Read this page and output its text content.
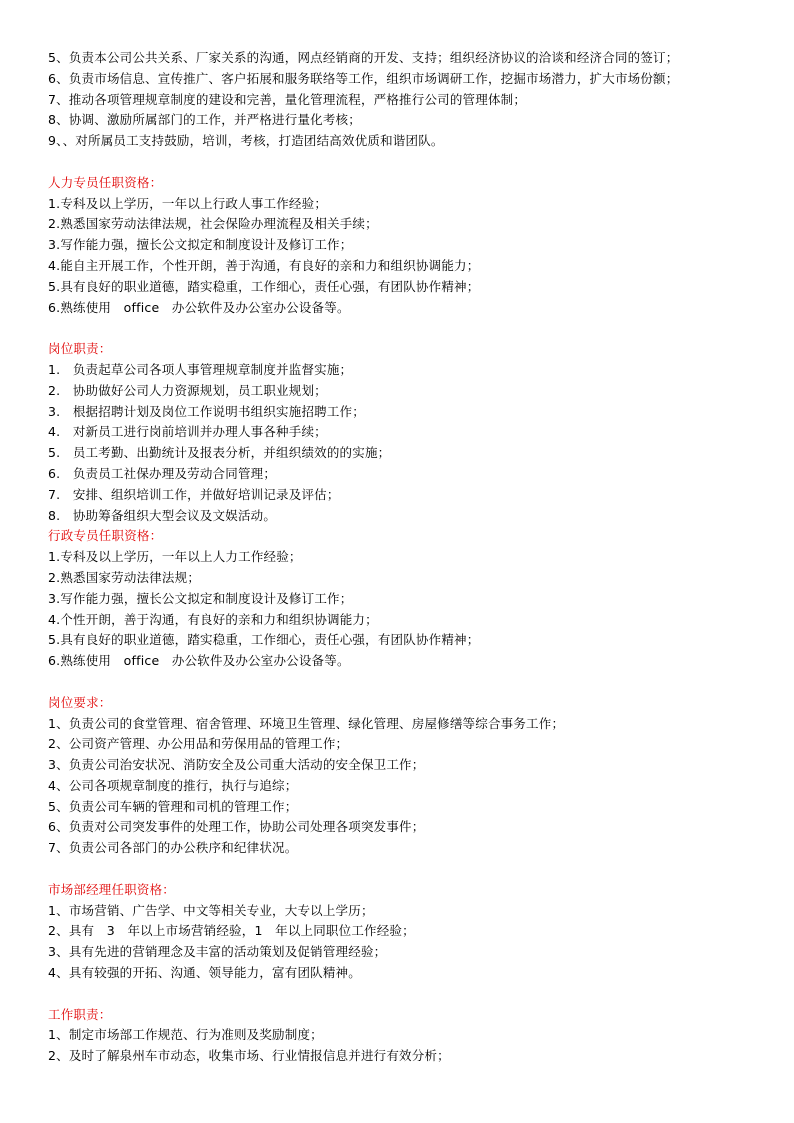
5、负责本公司公共关系、厂家关系的沟通，网点经销商的开发、支持；组织经济协议的洽谈和经济合同的签订；
6、负责市场信息、宣传推广、客户拓展和服务联络等工作，组织市场调研工作，挖掘市场潜力，扩大市场份额；
7、推动各项管理规章制度的建设和完善，量化管理流程，严格推行公司的管理体制；
8、协调、激励所属部门的工作，并严格进行量化考核；
9、、对所属员工支持鼓励，培训，考核，打造团结高效优质和谐团队。
人力专员任职资格：
1.专科及以上学历，一年以上行政人事工作经验；
2.熟悉国家劳动法律法规，社会保险办理流程及相关手续；
3.写作能力强，擅长公文拟定和制度设计及修订工作；
4.能自主开展工作，个性开朗，善于沟通，有良好的亲和力和组织协调能力；
5.具有良好的职业道德，踏实稳重，工作细心，责任心强，有团队协作精神；
6.熟练使用   office   办公软件及办公室办公设备等。
岗位职责：
1.   负责起草公司各项人事管理规章制度并监督实施；
2.   协助做好公司人力资源规划，员工职业规划；
3.   根据招聘计划及岗位工作说明书组织实施招聘工作；
4.   对新员工进行岗前培训并办理人事各种手续；
5.   员工考勤、出勤统计及报表分析，并组织绩效的的实施；
6.   负责员工社保办理及劳动合同管理；
7.   安排、组织培训工作，并做好培训记录及评估；
8.   协助筹备组织大型会议及文娱活动。
行政专员任职资格：
1.专科及以上学历，一年以上人力工作经验；
2.熟悉国家劳动法律法规；
3.写作能力强，擅长公文拟定和制度设计及修订工作；
4.个性开朗，善于沟通，有良好的亲和力和组织协调能力；
5.具有良好的职业道德，踏实稳重，工作细心，责任心强，有团队协作精神；
6.熟练使用   office   办公软件及办公室办公设备等。
岗位要求：
1、负责公司的食堂管理、宿舍管理、环境卫生管理、绿化管理、房屋修缮等综合事务工作；
2、公司资产管理、办公用品和劳保用品的管理工作；
3、负责公司治安状况、消防安全及公司重大活动的安全保卫工作；
4、公司各项规章制度的推行，执行与追综；
5、负责公司车辆的管理和司机的管理工作；
6、负责对公司突发事件的处理工作，协助公司处理各项突发事件；
7、负责公司各部门的办公秩序和纪律状况。
市场部经理任职资格：
1、市场营销、广告学、中文等相关专业，大专以上学历；
2、具有   3   年以上市场营销经验，1   年以上同职位工作经验；
3、具有先进的营销理念及丰富的活动策划及促销管理经验；
4、具有较强的开拓、沟通、领导能力，富有团队精神。
工作职责：
1、制定市场部工作规范、行为准则及奖励制度；
2、及时了解泉州车市动态，收集市场、行业情报信息并进行有效分析；
